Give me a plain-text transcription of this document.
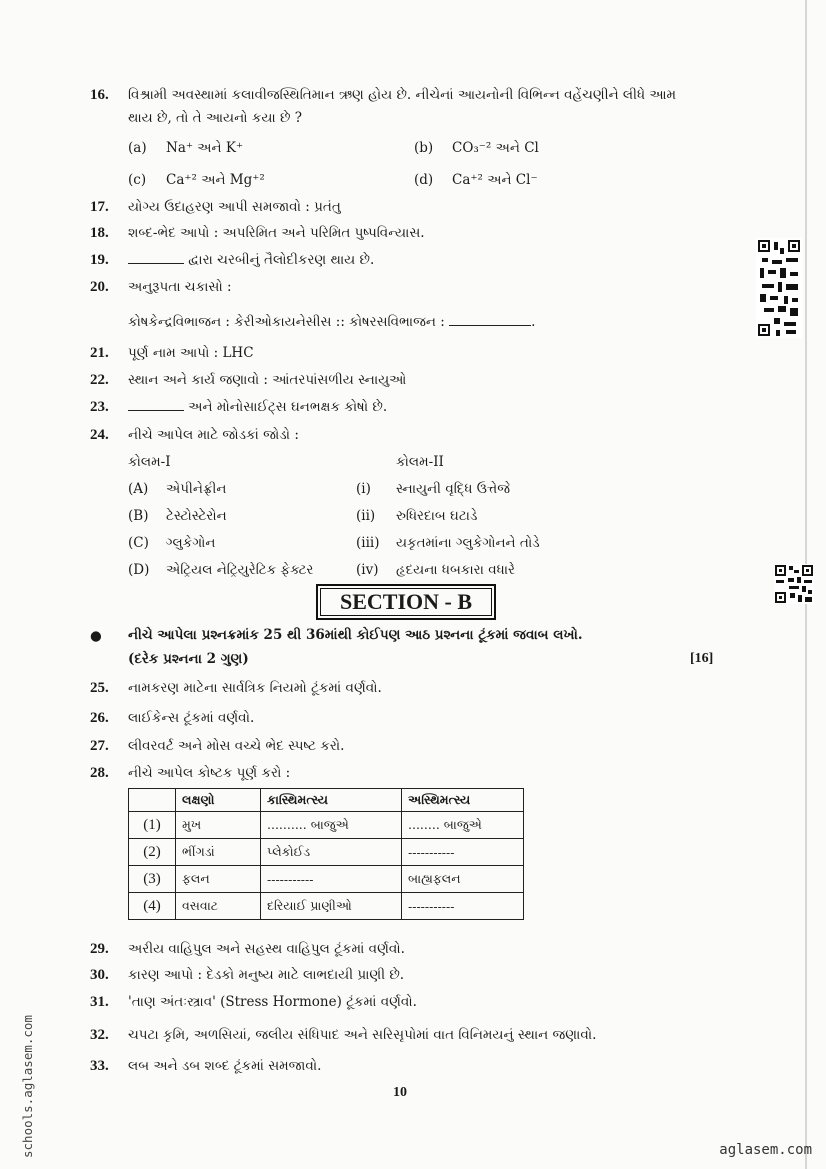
16. વિશ્રામી અવસ્થામાં કલાવીજસ્થિતિમાન ઋણ હોય છે. નીચેનાં આયનોની વિભિન્ન વહેંચણીને લીધે આમ
થાય છે, તો તે આયનો કયા છે ?
(a) Na⁺ અને K⁺	(b) CO₃⁻² અને Cl
(c) Ca⁺² અને Mg⁺²	(d) Ca⁺² અને Cl⁻
17. યોગ્ય ઉદાહરણ આપી સમજાવો : પ્રતંતુ
18. શબ્દ-ભેદ આપો : અપરિમિત અને પરિમિત પુષ્પવિન્યાસ.
19.	દ્વારા ચરબીનું તૈલોદીકરણ થાય છે.
20. અનુરૂપતા ચકાસો :
કોષકેન્દ્રવિભાજન : કેરીઓકાયનેસીસ :: કોષરસવિભાજન :	.
21. પૂર્ણ નામ આપો : LHC
22. સ્થાન અને કાર્ય જણાવો : આંતરપાંસળીય સ્નાયુઓ
23.	અને મોનોસાઈટ્સ ઘનભક્ષક કોષો છે.
24. નીચે આપેલ માટે જોડકાં જોડો :
કોલમ-I	કોલમ-II
(A) એપીનેફ્રીન	(i) સ્નાયુની વૃદ્ધિ ઉત્તેજે
(B) ટેસ્ટોસ્ટેરોન	(ii) રુધિરદાબ ઘટાડે
(C) ગ્લુકેગોન	(iii) યકૃતમાંના ગ્લુકેગોનને તોડે
(D) એટ્રિયલ નેટ્રિયુરેટિક ફેક્ટર	(iv) હૃદયના ધબકારા વધારે
SECTION - B
● નીચે આપેલા પ્રશ્નક્રમાંક 25 થી 36માંથી કોઈપણ આઠ પ્રશ્નના ટૂંકમાં જવાબ લખો.
(દરેક પ્રશ્નના 2 ગુણ)	[16]
25. નામકરણ માટેના સાર્વત્રિક નિયમો ટૂંકમાં વર્ણવો.
26. લાઈકેન્સ ટૂંકમાં વર્ણવો.
27. લીવરવર્ટ અને મોસ વચ્ચે ભેદ સ્પષ્ટ કરો.
28. નીચે આપેલ કોષ્ટક પૂર્ણ કરો :
	લક્ષણો	કાસ્થિમત્સ્ય	અસ્થિમત્સ્ય
(1)	મુખ	.......... બાજુએ	........ બાજુએ
(2)	ભીંગડાં	પ્લેકોઈડ	-----------
(3)	ફલન	-----------	બાહ્યફલન
(4)	વસવાટ	દરિયાઈ પ્રાણીઓ	-----------
29. અરીય વાહિપુલ અને સહસ્થ વાહિપુલ ટૂંકમાં વર્ણવો.
30. કારણ આપો : દેડકો મનુષ્ય માટે લાભદાયી પ્રાણી છે.
31. 'તાણ અંતઃસ્ત્રાવ' (Stress Hormone) ટૂંકમાં વર્ણવો.
32. ચપટા કૃમિ, અળસિયાં, જલીય સંધિપાદ અને સરિસૃપોમાં વાત વિનિમયનું સ્થાન જણાવો.
33. લબ અને ડબ શબ્દ ટૂંકમાં સમજાવો.
10
schools.aglasem.com	aglasem.com
